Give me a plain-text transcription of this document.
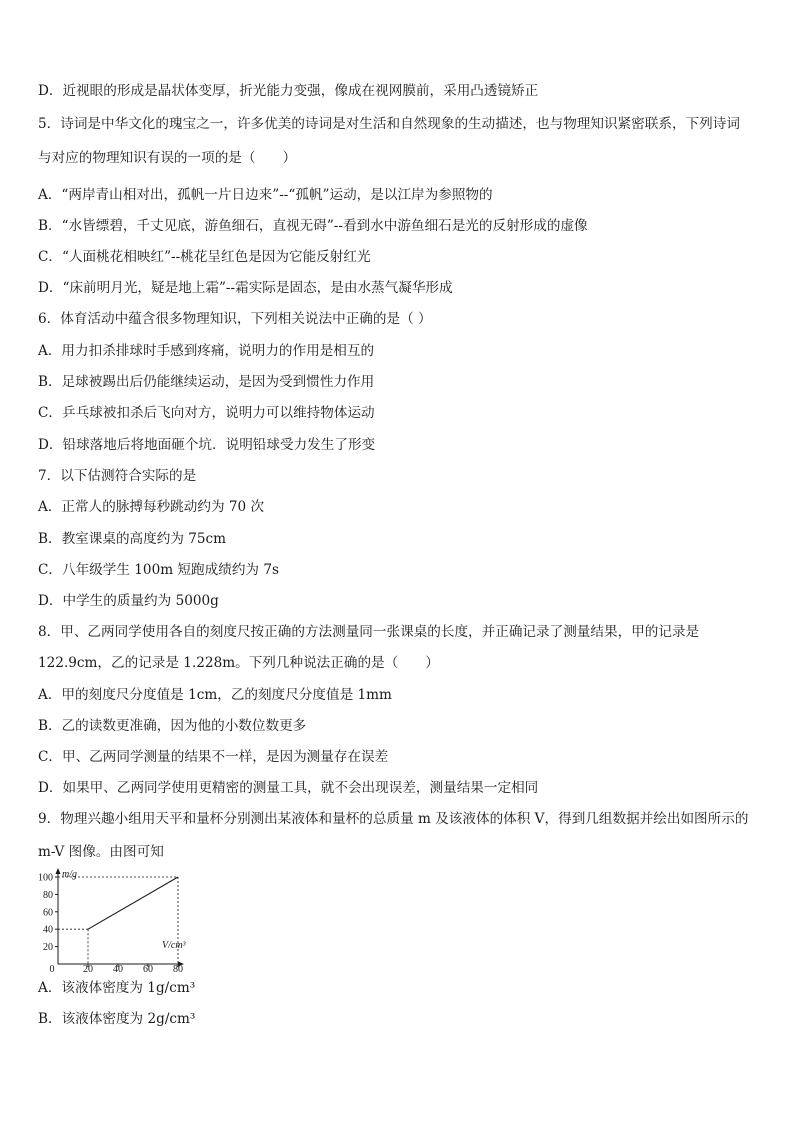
D．近视眼的形成是晶状体变厚，折光能力变强，像成在视网膜前，采用凸透镜矫正
5．诗词是中华文化的瑰宝之一，许多优美的诗词是对生活和自然现象的生动描述，也与物理知识紧密联系，下列诗词
与对应的物理知识有误的一项的是（　　）
A．“两岸青山相对出，孤帆一片日边来”--“孤帆”运动，是以江岸为参照物的
B．“水皆缥碧，千丈见底，游鱼细石，直视无碍”--看到水中游鱼细石是光的反射形成的虚像
C．“人面桃花相映红”--桃花呈红色是因为它能反射红光
D．“床前明月光，疑是地上霜”--霜实际是固态，是由水蒸气凝华形成
6．体育活动中蕴含很多物理知识，下列相关说法中正确的是（ ）
A．用力扣杀排球时手感到疼痛，说明力的作用是相互的
B．足球被踢出后仍能继续运动，是因为受到惯性力作用
C．乒乓球被扣杀后飞向对方，说明力可以维持物体运动
D．铅球落地后将地面砸个坑．说明铅球受力发生了形变
7．以下估测符合实际的是
A．正常人的脉搏每秒跳动约为 70 次
B．教室课桌的高度约为 75cm
C．八年级学生 100m 短跑成绩约为 7s
D．中学生的质量约为 5000g
8．甲、乙两同学使用各自的刻度尺按正确的方法测量同一张课桌的长度，并正确记录了测量结果，甲的记录是
122.9cm，乙的记录是 1.228m。下列几种说法正确的是（　　）
A．甲的刻度尺分度值是 1cm，乙的刻度尺分度值是 1mm
B．乙的读数更准确，因为他的小数位数更多
C．甲、乙两同学测量的结果不一样，是因为测量存在误差
D．如果甲、乙两同学使用更精密的测量工具，就不会出现误差，测量结果一定相同
9．物理兴趣小组用天平和量杯分别测出某液体和量杯的总质量 m 及该液体的体积 V，得到几组数据并绘出如图所示的
m-V 图像。由图可知
m/g
V/cm³
0
20
40
60
80
100
20 40 60 80
A．该液体密度为 1g/cm³
B．该液体密度为 2g/cm³
